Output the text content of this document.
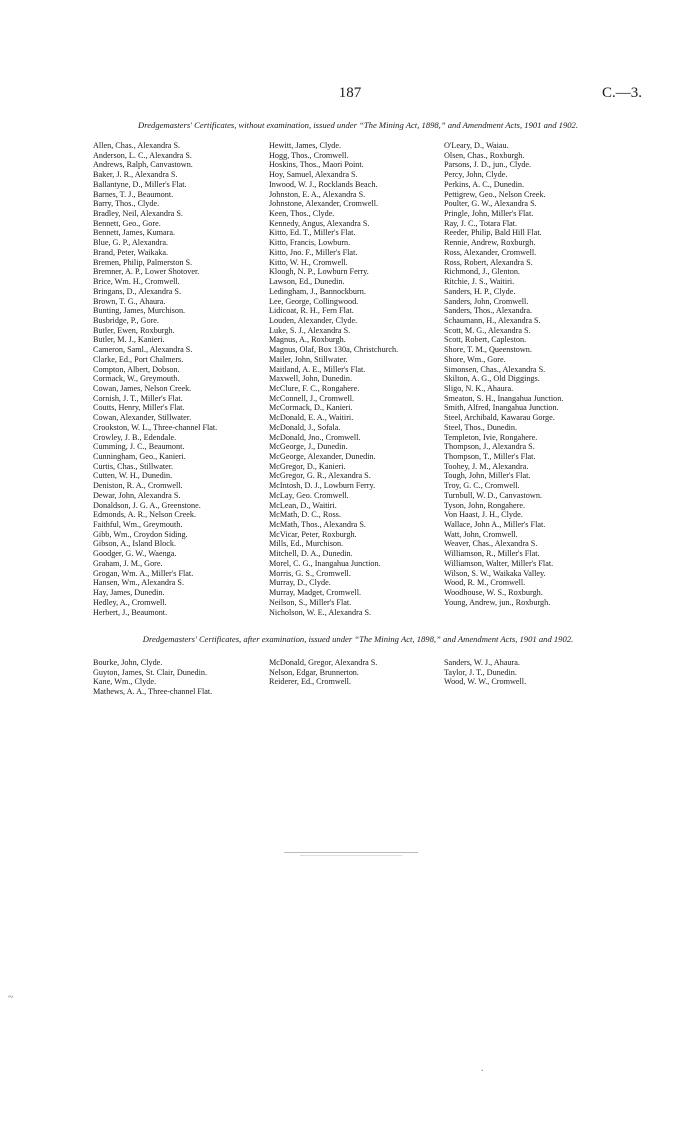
187	C.—3.
Dredgemasters' Certificates, without examination, issued under “The Mining Act, 1898,” and Amendment Acts, 1901 and 1902.
Allen, Chas., Alexandra S.
Anderson, L. C., Alexandra S.
Andrews, Ralph, Canvastown.
Baker, J. R., Alexandra S.
Ballantyne, D., Miller's Flat.
Barnes, T. J., Beaumont.
Barry, Thos., Clyde.
Bradley, Neil, Alexandra S.
Bennett, Geo., Gore.
Bennett, James, Kumara.
Blue, G. P., Alexandra.
Brand, Peter, Waikaka.
Bremen, Philip, Palmerston S.
Bremner, A. P., Lower Shotover.
Brice, Wm. H., Cromwell.
Bringans, D., Alexandra S.
Brown, T. G., Ahaura.
Bunting, James, Murchison.
Busbridge, P., Gore.
Butler, Ewen, Roxburgh.
Butler, M. J., Kanieri.
Cameron, Saml., Alexandra S.
Clarke, Ed., Port Chalmers.
Compton, Albert, Dobson.
Cormack, W., Greymouth.
Cowan, James, Nelson Creek.
Cornish, J. T., Miller's Flat.
Coutts, Henry, Miller's Flat.
Cowan, Alexander, Stillwater.
Crookston, W. L., Three-channel Flat.
Crowley, J. B., Edendale.
Cumming, J. C., Beaumont.
Cunningham, Geo., Kanieri.
Curtis, Chas., Stillwater.
Cutten, W. H., Dunedin.
Deniston, R. A., Cromwell.
Dewar, John, Alexandra S.
Donaldson, J. G. A., Greenstone.
Edmonds, A. R., Nelson Creek.
Faithful, Wm., Greymouth.
Gibb, Wm., Croydon Siding.
Gibson, A., Island Block.
Goodger, G. W., Waenga.
Graham, J. M., Gore.
Grogan, Wm. A., Miller's Flat.
Hansen, Wm., Alexandra S.
Hay, James, Dunedin.
Hedley, A., Cromwell.
Herbert, J., Beaumont.
Hewitt, James, Clyde.
Hogg, Thos., Cromwell.
Hoskins, Thos., Maori Point.
Hoy, Samuel, Alexandra S.
Inwood, W. J., Rocklands Beach.
Johnston, E. A., Alexandra S.
Johnstone, Alexander, Cromwell.
Keen, Thos., Clyde.
Kennedy, Angus, Alexandra S.
Kitto, Ed. T., Miller's Flat.
Kitto, Francis, Lowburn.
Kitto, Jno. F., Miller's Flat.
Kitto, W. H., Cromwell.
Kloogh, N. P., Lowburn Ferry.
Lawson, Ed., Dunedin.
Ledingham, J., Bannockburn.
Lee, George, Collingwood.
Lidicoat, R. H., Fern Flat.
Louden, Alexander, Clyde.
Luke, S. J., Alexandra S.
Magnus, A., Roxburgh.
Magnus, Olaf, Box 130a, Christchurch.
Mailer, John, Stillwater.
Maitland, A. E., Miller's Flat.
Maxwell, John, Dunedin.
McClure, F. C., Rongahere.
McConnell, J., Cromwell.
McCormack, D., Kanieri.
McDonald, E. A., Waitiri.
McDonald, J., Sofala.
McDonald, Jno., Cromwell.
McGeorge, J., Dunedin.
McGeorge, Alexander, Dunedin.
McGregor, D., Kanieri.
McGregor, G. R., Alexandra S.
McIntosh, D. J., Lowburn Ferry.
McLay, Geo. Cromwell.
McLean, D., Waitiri.
McMath, D. C., Ross.
McMath, Thos., Alexandra S.
McVicar, Peter, Roxburgh.
Mills, Ed., Murchison.
Mitchell, D. A., Dunedin.
Morel, C. G., Inangahua Junction.
Morris, G. S., Cromwell.
Murray, D., Clyde.
Murray, Madget, Cromwell.
Neilson, S., Miller's Flat.
Nicholson, W. E., Alexandra S.
O'Leary, D., Waiau.
Olsen, Chas., Roxburgh.
Parsons, J. D., jun., Clyde.
Percy, John, Clyde.
Perkins, A. C., Dunedin.
Pettigrew, Geo., Nelson Creek.
Poulter, G. W., Alexandra S.
Pringle, John, Miller's Flat.
Ray, J. C., Totara Flat.
Reeder, Philip, Bald Hill Flat.
Rennie, Andrew, Roxburgh.
Ross, Alexander, Cromwell.
Ross, Robert, Alexandra S.
Richmond, J., Glenton.
Ritchie, J. S., Waitiri.
Sanders, H. P., Clyde.
Sanders, John, Cromwell.
Sanders, Thos., Alexandra.
Schaumann, H., Alexandra S.
Scott, M. G., Alexandra S.
Scott, Robert, Capleston.
Shore, T. M., Queenstown.
Shore, Wm., Gore.
Simonsen, Chas., Alexandra S.
Skilton, A. G., Old Diggings.
Sligo, N. K., Ahaura.
Smeaton, S. H., Inangahua Junction.
Smith, Alfred, Inangahua Junction.
Steel, Archibald, Kawarau Gorge.
Steel, Thos., Dunedin.
Templeton, Ivie, Rongahere.
Thompson, J., Alexandra S.
Thompson, T., Miller's Flat.
Toohey, J. M., Alexandra.
Tough, John, Miller's Flat.
Troy, G. C., Cromwell.
Turnbull, W. D., Canvastown.
Tyson, John, Rongahere.
Von Haast, J. H., Clyde.
Wallace, John A., Miller's Flat.
Watt, John, Cromwell.
Weaver, Chas., Alexandra S.
Williamson, R., Miller's Flat.
Williamson, Walter, Miller's Flat.
Wilson, S. W., Waikaka Valley.
Wood, R. M., Cromwell.
Woodhouse, W. S., Roxburgh.
Young, Andrew, jun., Roxburgh.
Dredgemasters' Certificates, after examination, issued under “The Mining Act, 1898,” and Amendment Acts, 1901 and 1902.
Bourke, John, Clyde.
Guyton, James, St. Clair, Dunedin.
Kane, Wm., Clyde.
Mathews, A. A., Three-channel Flat.
McDonald, Gregor, Alexandra S.
Nelson, Edgar, Brunnerton.
Reiderer, Ed., Cromwell.
Sanders, W. J., Ahaura.
Taylor, J. T., Dunedin.
Wood, W. W., Cromwell.
~
.
